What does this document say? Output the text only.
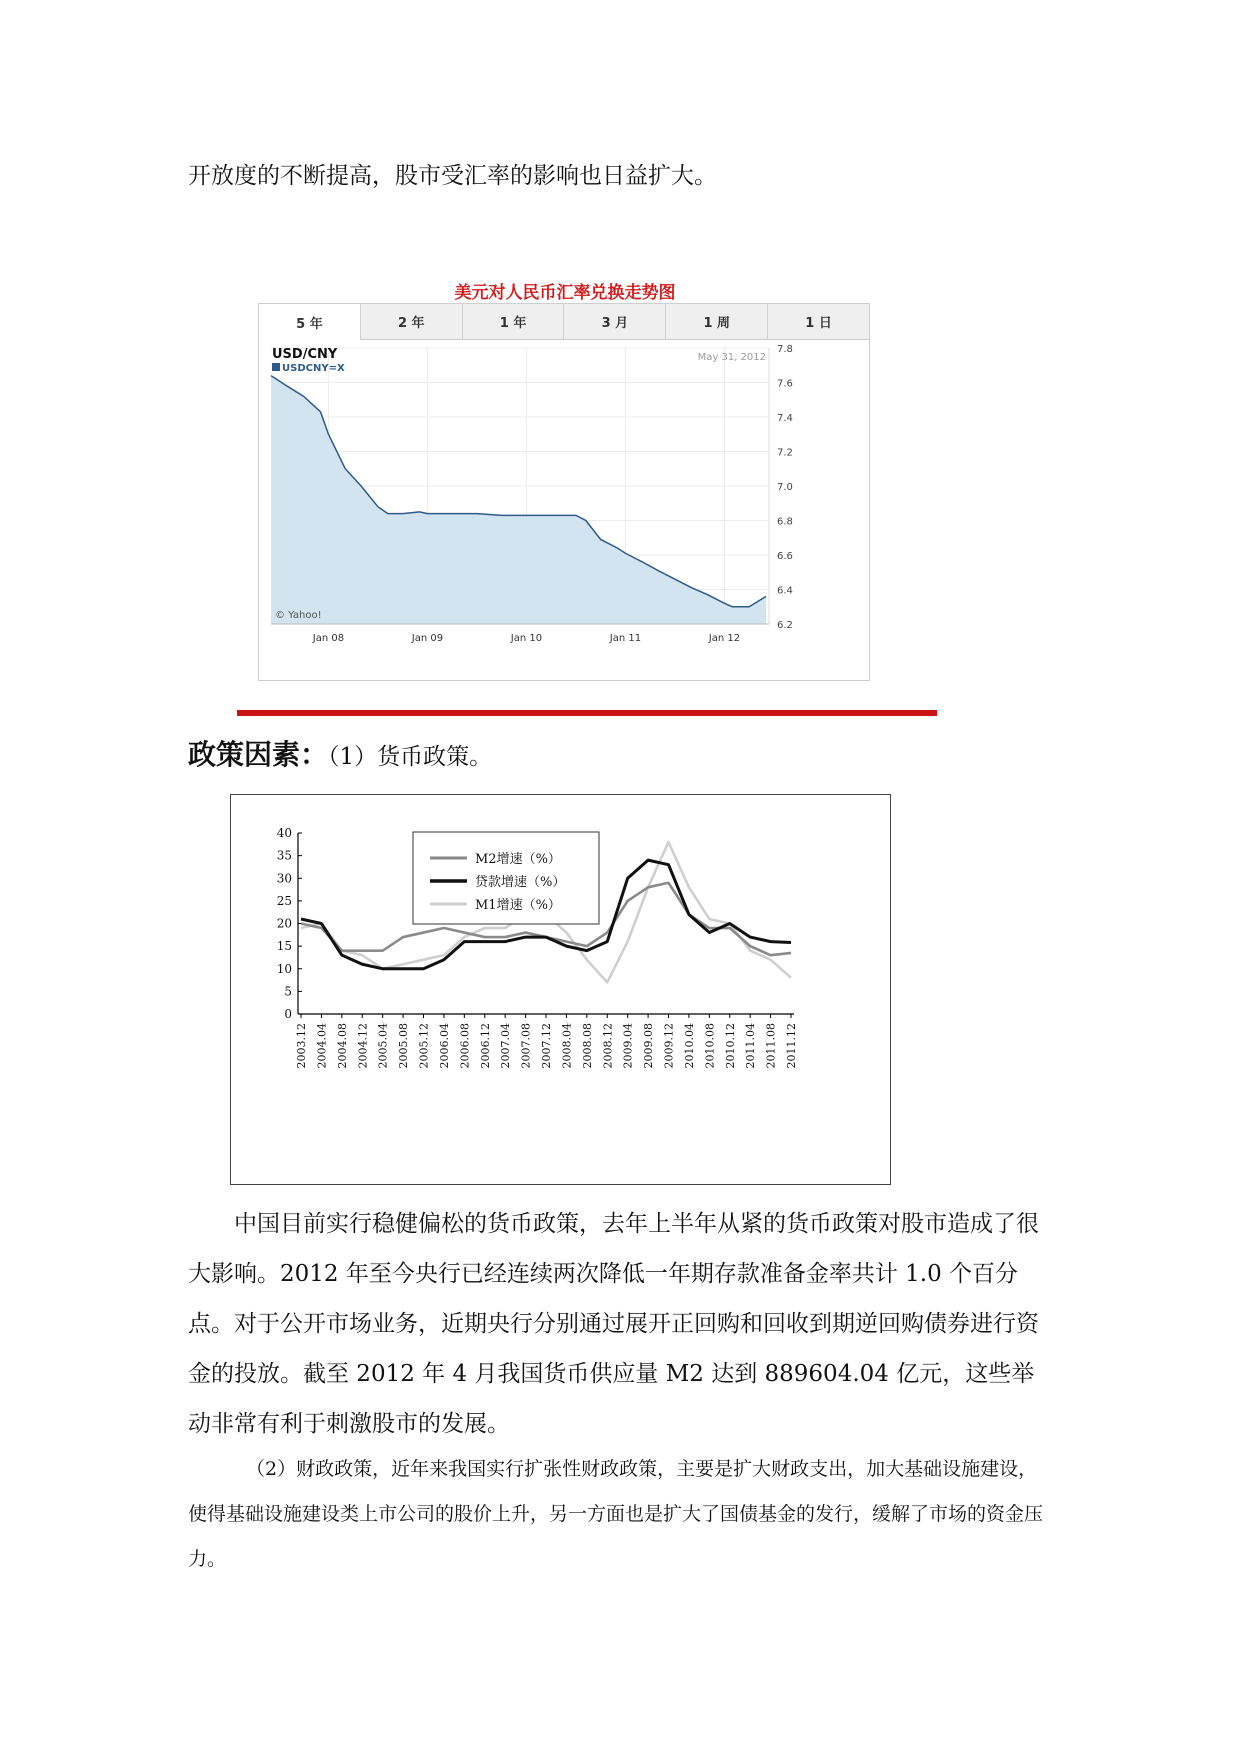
开放度的不断提高，股市受汇率的影响也日益扩大。

美元对人民币汇率兑换走势图
5 年	2 年	1 年	3 月	1 周	1 日
6.2
6.4
6.6
6.8
7.0
7.2
7.4
7.6
7.8
Jan 08	Jan 09	Jan 10	Jan 11	Jan 12
May 31, 2012
© Yahoo!
USD/CNY
USDCNY=X
政策因素：（1）货币政策。
0
5
10
15
20
25
30
35
40
2003.12 2004.04 2004.08 2004.12 2005.04 2005.08 2005.12 2006.04 2006.08 2006.12 2007.04 2007.08 2007.12 2008.04 2008.08 2008.12 2009.04 2009.08 2009.12 2010.04 2010.08 2010.12 2011.04 2011.08 2011.12
M2增速（%）
贷款增速（%）
M1增速（%）

中国目前实行稳健偏松的货币政策，去年上半年从紧的货币政策对股市造成了很大影响。2012 年至今央行已经连续两次降低一年期存款准备金率共计 1.0 个百分点。对于公开市场业务，近期央行分别通过展开正回购和回收到期逆回购债券进行资金的投放。截至 2012 年 4 月我国货币供应量 M2 达到 889604.04 亿元，这些举动非常有利于刺激股市的发展。

（2）财政政策，近年来我国实行扩张性财政政策，主要是扩大财政支出，加大基础设施建设，使得基础设施建设类上市公司的股价上升，另一方面也是扩大了国债基金的发行，缓解了市场的资金压力。
